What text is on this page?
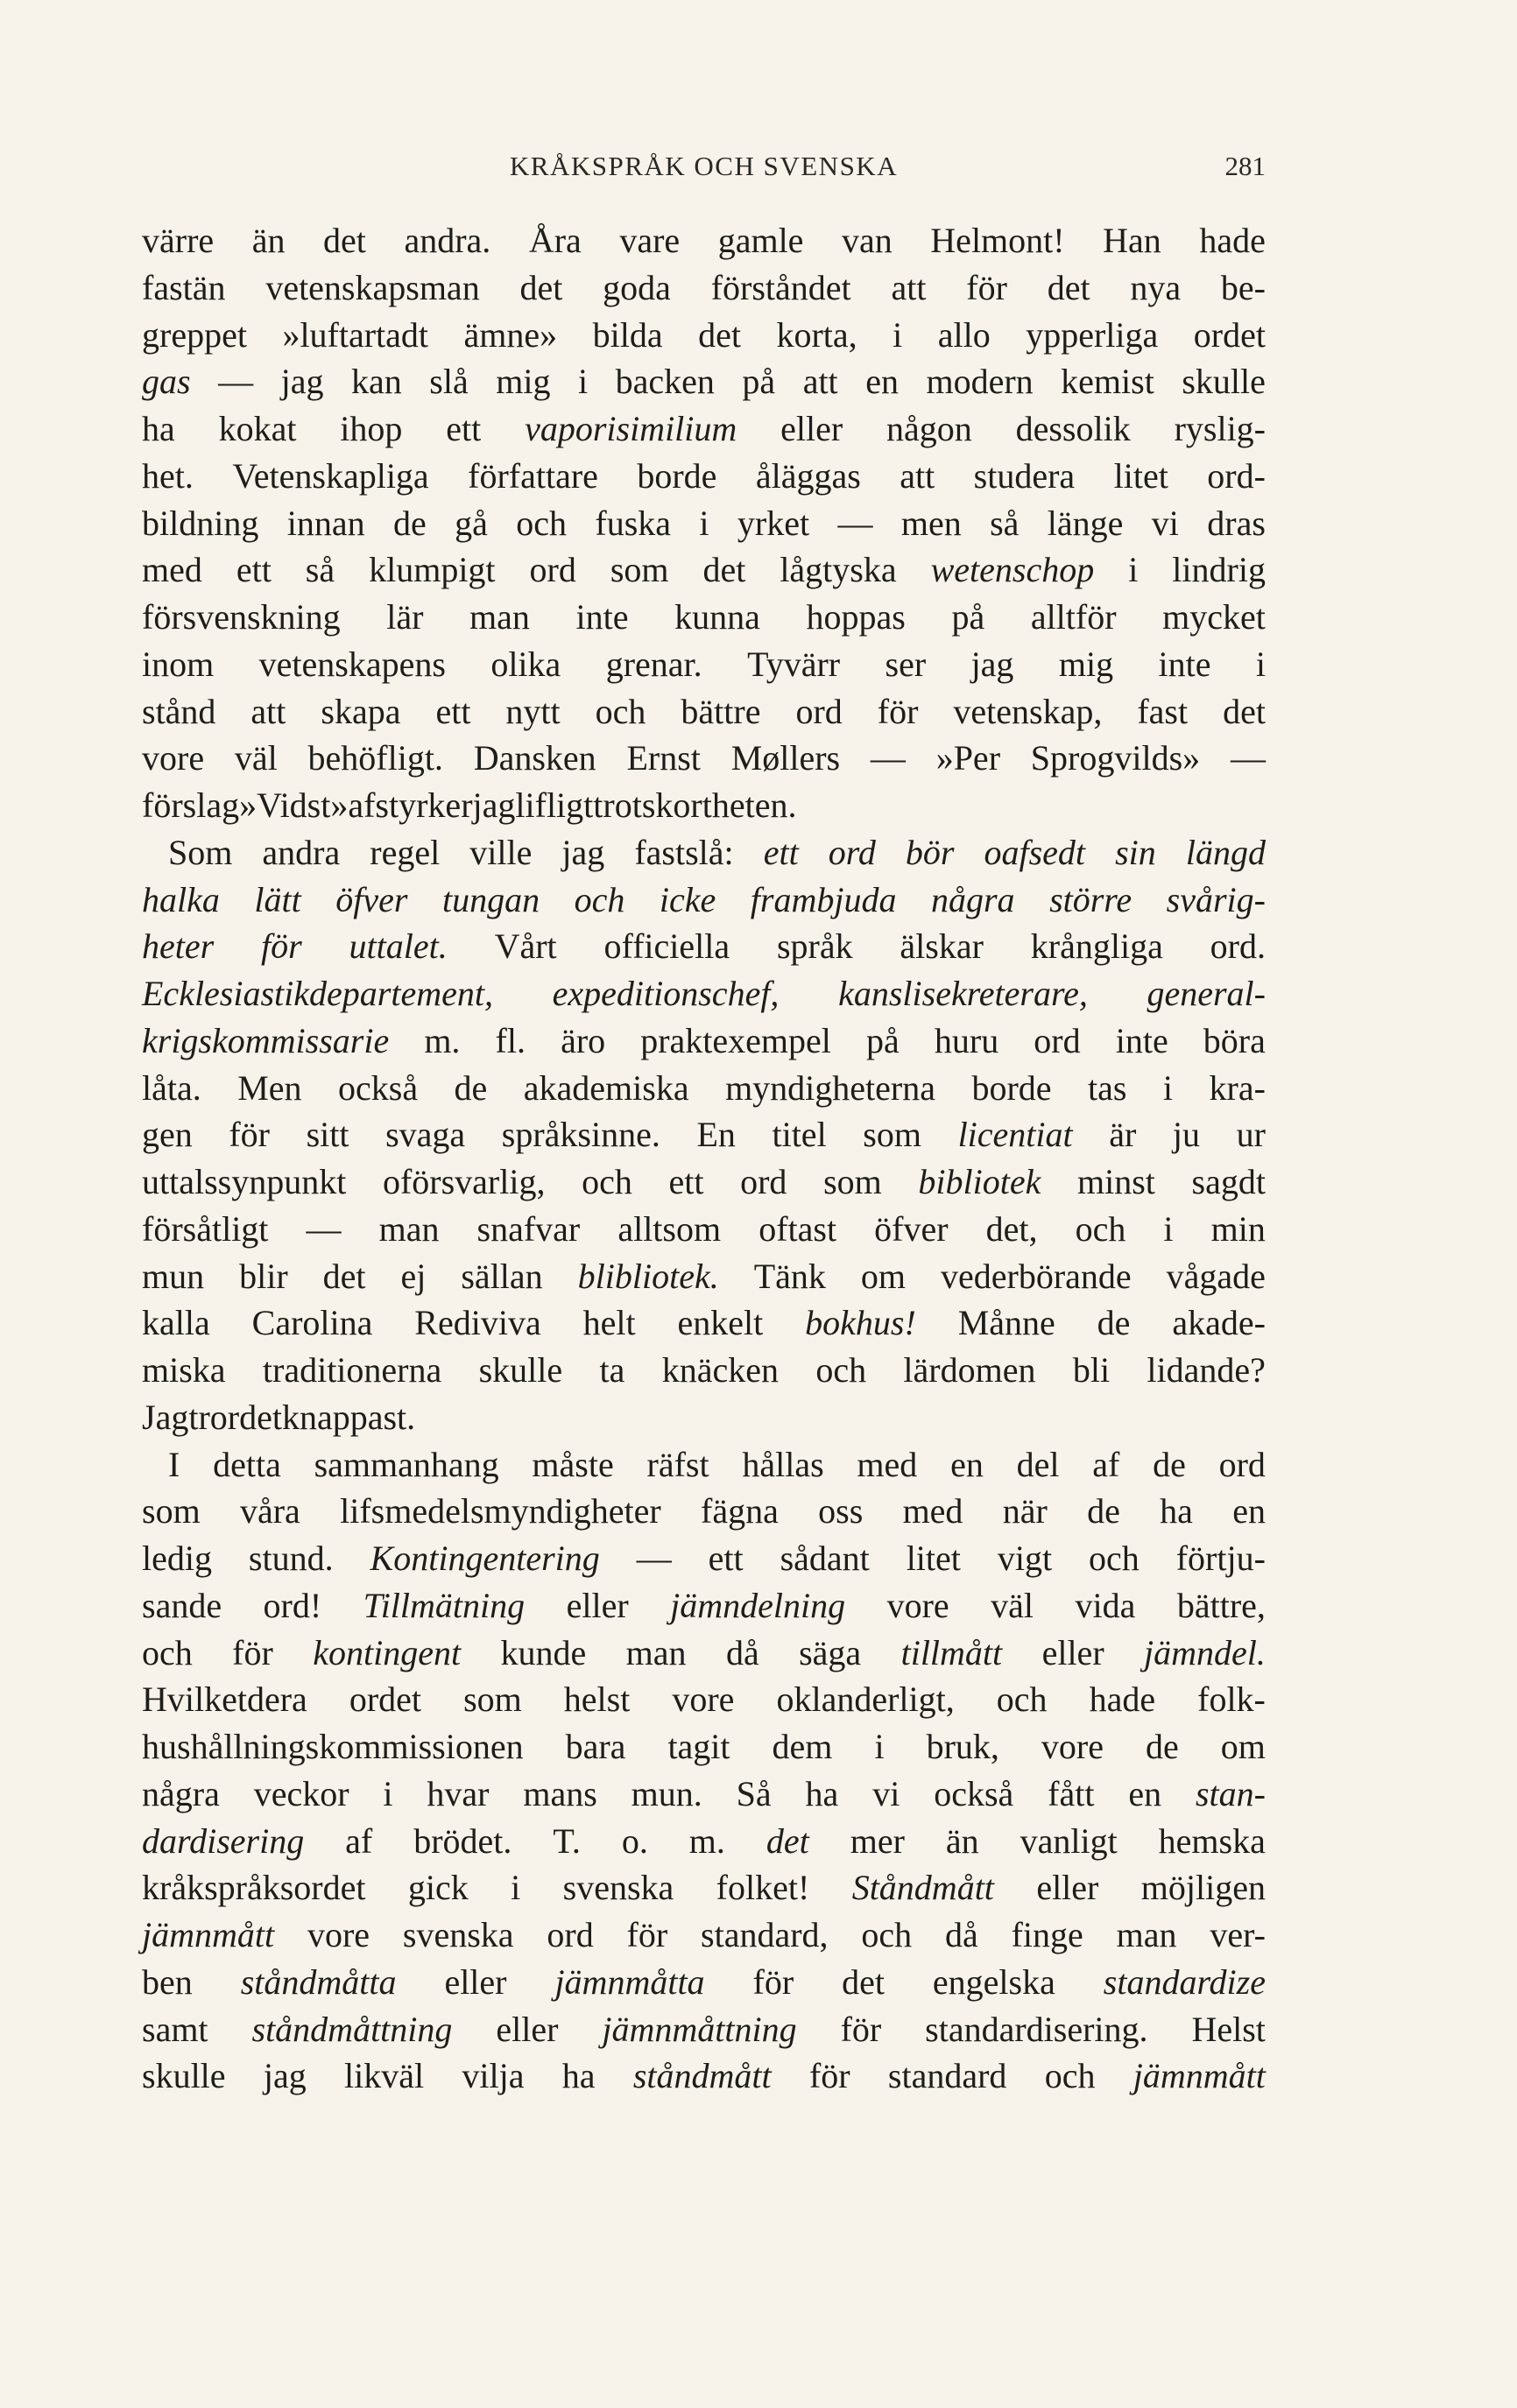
KRÅKSPRÅK OCH SVENSKA	281
värre än det andra. Åra vare gamle van Helmont! Han hade
fastän vetenskapsman det goda förståndet att för det nya be-
greppet »luftartadt ämne» bilda det korta, i allo ypperliga ordet
gas — jag kan slå mig i backen på att en modern kemist skulle
ha kokat ihop ett vaporisimilium eller någon dessolik ryslig-
het. Vetenskapliga författare borde åläggas att studera litet ord-
bildning innan de gå och fuska i yrket — men så länge vi dras
med ett så klumpigt ord som det lågtyska wetenschop i lindrig
försvenskning lär man inte kunna hoppas på alltför mycket
inom vetenskapens olika grenar. Tyvärr ser jag mig inte i
stånd att skapa ett nytt och bättre ord för vetenskap, fast det
vore väl behöfligt. Dansken Ernst Møllers — »Per Sprogvilds» —
förslag »Vidst» afstyrker jag lifligt trots kortheten.
Som andra regel ville jag fastslå: ett ord bör oafsedt sin längd
halka lätt öfver tungan och icke frambjuda några större svårig-
heter för uttalet. Vårt officiella språk älskar krångliga ord.
Ecklesiastikdepartement, expeditionschef, kanslisekreterare, general-
krigskommissarie m. fl. äro praktexempel på huru ord inte böra
låta. Men också de akademiska myndigheterna borde tas i kra-
gen för sitt svaga språksinne. En titel som licentiat är ju ur
uttalssynpunkt oförsvarlig, och ett ord som bibliotek minst sagdt
försåtligt — man snafvar alltsom oftast öfver det, och i min
mun blir det ej sällan blibliotek. Tänk om vederbörande vågade
kalla Carolina Rediviva helt enkelt bokhus! Månne de akade-
miska traditionerna skulle ta knäcken och lärdomen bli lidande?
Jag tror det knappast.
I detta sammanhang måste räfst hållas med en del af de ord
som våra lifsmedelsmyndigheter fägna oss med när de ha en
ledig stund. Kontingentering — ett sådant litet vigt och förtju-
sande ord! Tillmätning eller jämndelning vore väl vida bättre,
och för kontingent kunde man då säga tillmått eller jämndel.
Hvilketdera ordet som helst vore oklanderligt, och hade folk-
hushållningskommissionen bara tagit dem i bruk, vore de om
några veckor i hvar mans mun. Så ha vi också fått en stan-
dardisering af brödet. T. o. m. det mer än vanligt hemska
kråkspråksordet gick i svenska folket! Ståndmått eller möjligen
jämnmått vore svenska ord för standard, och då finge man ver-
ben ståndmåtta eller jämnmåtta för det engelska standardize
samt ståndmåttning eller jämnmåttning för standardisering. Helst
skulle jag likväl vilja ha ståndmått för standard och jämnmått
